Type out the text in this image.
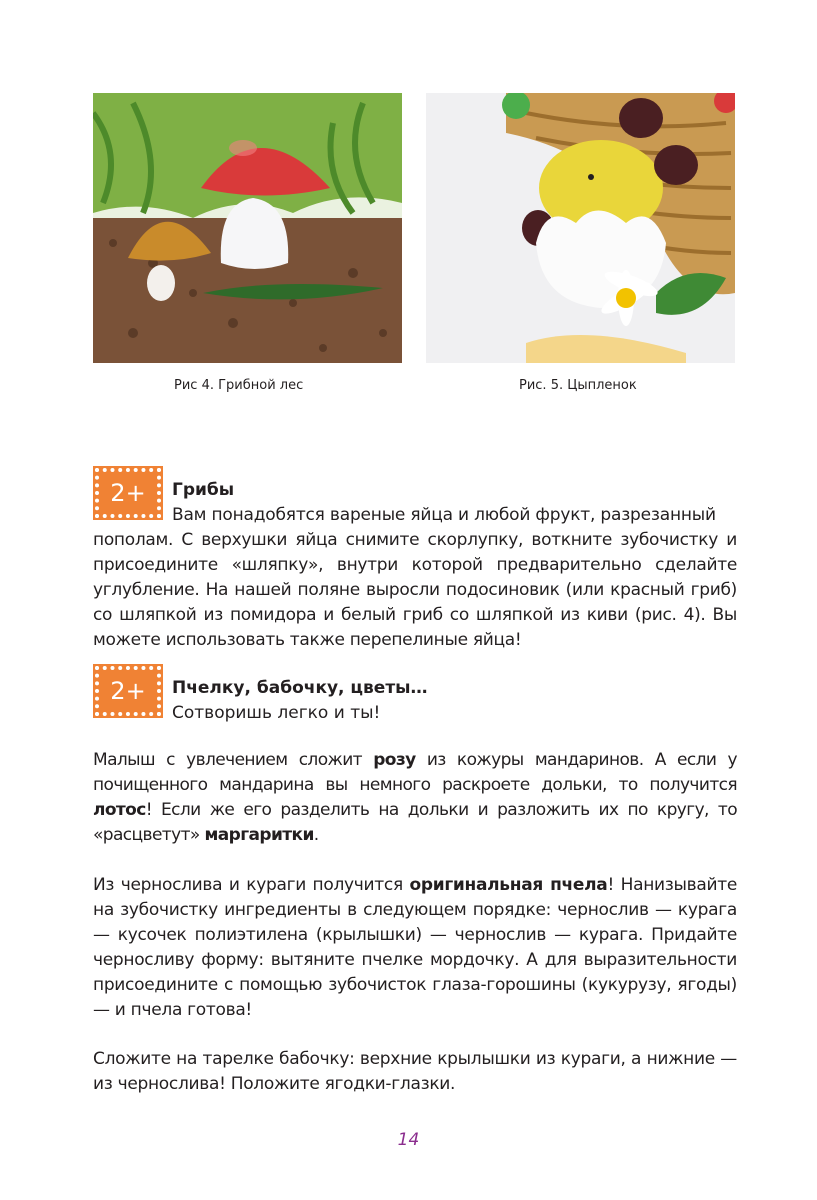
Рис 4. Грибной лес	Рис. 5. Цыпленок
2+	Грибы
Вам понадобятся вареные яйца и любой фрукт, разрезанный
пополам. С верхушки яйца снимите скорлупку, воткните зубочистку и присоедините «шляпку», внутри которой предварительно сделайте углубление. На нашей поляне выросли подосиновик (или красный гриб) со шляпкой из помидора и белый гриб со шляпкой из киви (рис. 4). Вы можете использовать также перепелиные яйца!
2+	Пчелку, бабочку, цветы…
Сотворишь легко и ты!
Малыш с увлечением сложит розу из кожуры мандаринов. А если у почищенного мандарина вы немного раскроете дольки, то получится лотос! Если же его разделить на дольки и разложить их по кругу, то «расцветут» маргаритки.
Из чернослива и кураги получится оригинальная пчела! Нанизывайте на зубочистку ингредиенты в следующем порядке: чернослив — курага — кусочек полиэтилена (крылышки) — чернослив — курага. Придайте черносливу форму: вытяните пчелке мордочку. А для выразительности присоедините с помощью зубочисток глаза-горошины (кукурузу, ягоды) — и пчела готова!
Сложите на тарелке бабочку: верхние крылышки из кураги, а нижние — из чернослива! Положите ягодки-глазки.
14
